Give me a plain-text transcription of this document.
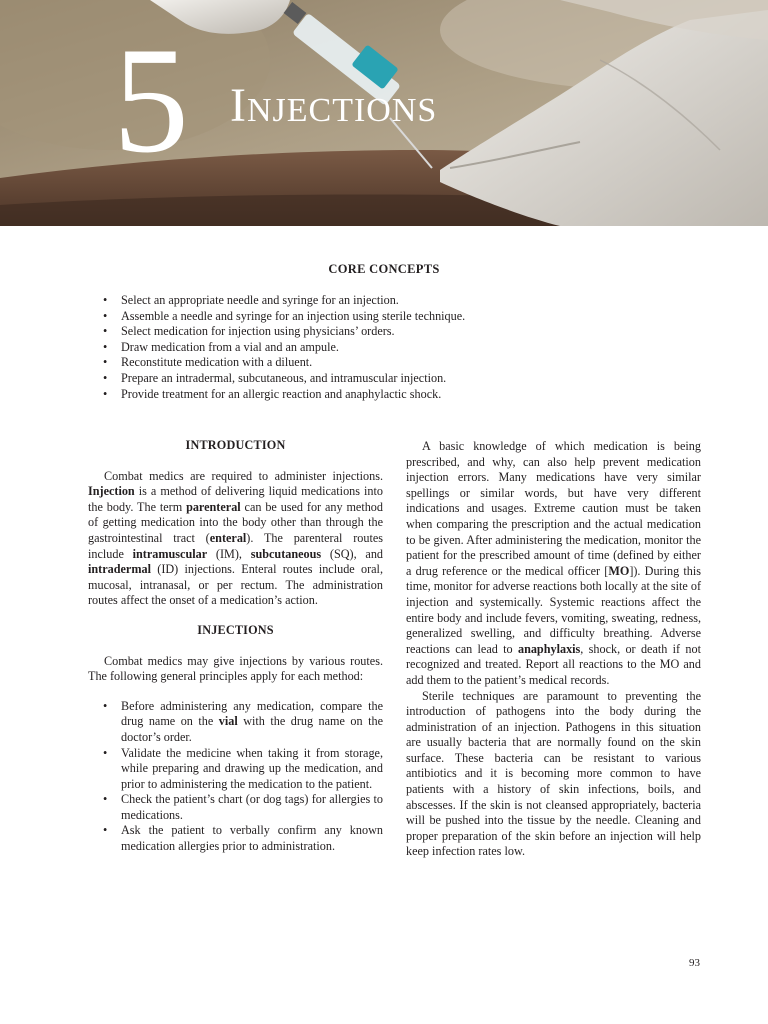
5 Injections
CORE CONCEPTS
• Select an appropriate needle and syringe for an injection.
• Assemble a needle and syringe for an injection using sterile technique.
• Select medication for injection using physicians’ orders.
• Draw medication from a vial and an ampule.
• Reconstitute medication with a diluent.
• Prepare an intradermal, subcutaneous, and intramuscular injection.
• Provide treatment for an allergic reaction and anaphylactic shock.
INTRODUCTION

Combat medics are required to administer injections. Injection is a method of delivering liquid medications into the body. The term parenteral can be used for any method of getting medication into the body other than through the gastrointestinal tract (enteral). The parenteral routes include intramuscular (IM), subcutaneous (SQ), and intradermal (ID) injections. Enteral routes include oral, mucosal, intranasal, or per rectum. The administration routes affect the onset of a medication’s action.

INJECTIONS

Combat medics may give injections by various routes. The following general principles apply for each method:

• Before administering any medication, compare the drug name on the vial with the drug name on the doctor’s order.
• Validate the medicine when taking it from storage, while preparing and drawing up the medication, and prior to administering the medication to the patient.
• Check the patient’s chart (or dog tags) for allergies to medications.
• Ask the patient to verbally confirm any known medication allergies prior to administration.

A basic knowledge of which medication is being prescribed, and why, can also help prevent medication injection errors. Many medications have very similar spellings or similar words, but have very different indications and usages. Extreme caution must be taken when comparing the prescription and the actual medication to be given. After administering the medication, monitor the patient for the prescribed amount of time (defined by either a drug reference or the medical officer [MO]). During this time, monitor for adverse reactions both locally at the site of injection and systemically. Systemic reactions affect the entire body and include fevers, vomiting, sweating, redness, generalized swelling, and difficulty breathing. Adverse reactions can lead to anaphylaxis, shock, or death if not recognized and treated. Report all reactions to the MO and add them to the patient’s medical records.

Sterile techniques are paramount to preventing the introduction of pathogens into the body during the administration of an injection. Pathogens in this situation are usually bacteria that are normally found on the skin surface. These bacteria can be resistant to various antibiotics and it is becoming more common to have patients with a history of skin infections, boils, and abscesses. If the skin is not cleansed appropriately, bacteria will be pushed into the tissue by the needle. Cleaning and proper preparation of the skin before an injection will help keep infection rates low.

93
